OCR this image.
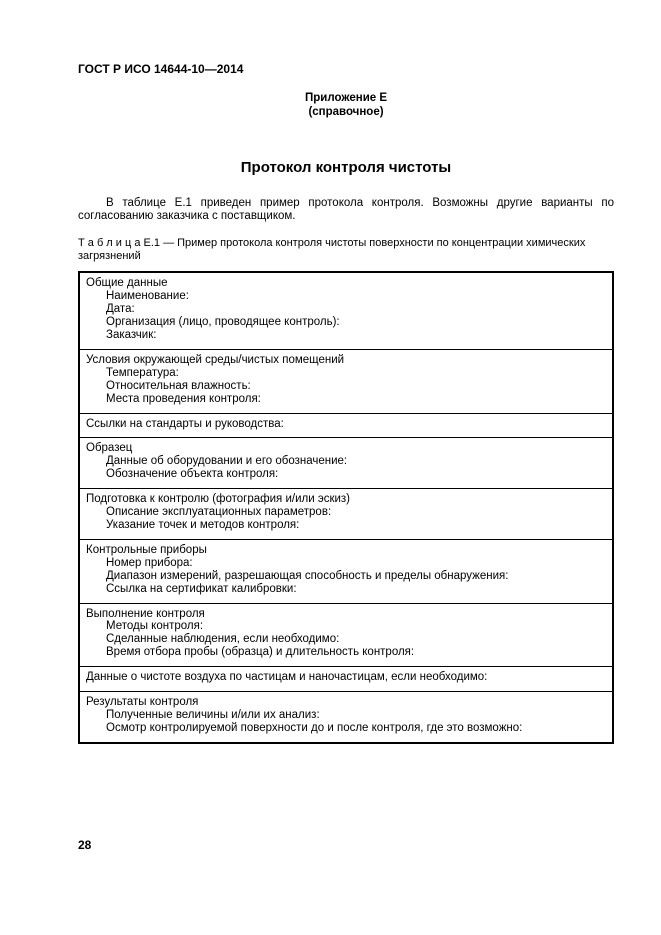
ГОСТ Р ИСО 14644-10—2014
Приложение Е
(справочное)
Протокол контроля чистоты

В таблице Е.1 приведен пример протокола контроля. Возможны другие варианты по согласованию заказчика с поставщиком.

Т а б л и ц а Е.1 — Пример протокола контроля чистоты поверхности по концентрации химических загрязнений
Общие данные
Наименование:
Дата:
Организация (лицо, проводящее контроль):
Заказчик:
Условия окружающей среды/чистых помещений
Температура:
Относительная влажность:
Места проведения контроля:
Ссылки на стандарты и руководства:
Образец
Данные об оборудовании и его обозначение:
Обозначение объекта контроля:
Подготовка к контролю (фотография и/или эскиз)
Описание эксплуатационных параметров:
Указание точек и методов контроля:
Контрольные приборы
Номер прибора:
Диапазон измерений, разрешающая способность и пределы обнаружения:
Ссылка на сертификат калибровки:
Выполнение контроля
Методы контроля:
Сделанные наблюдения, если необходимо:
Время отбора пробы (образца) и длительность контроля:
Данные о чистоте воздуха по частицам и наночастицам, если необходимо:
Результаты контроля
Полученные величины и/или их анализ:
Осмотр контролируемой поверхности до и после контроля, где это возможно:
28
